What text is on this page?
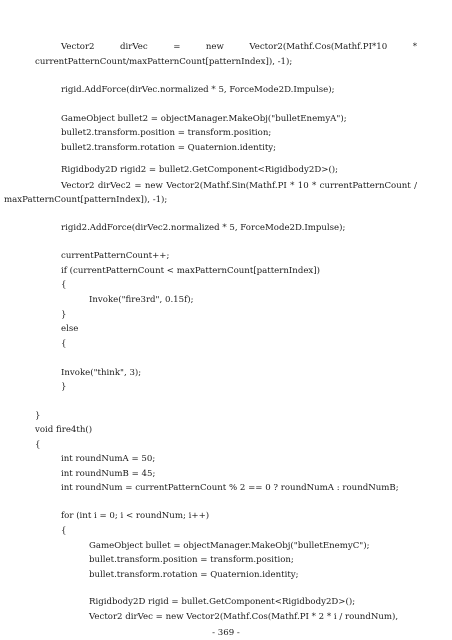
Vector2 dirVec = new Vector2(Mathf.Cos(Mathf.PI*10 *
currentPatternCount/maxPatternCount[patternIndex]), -1);
rigid.AddForce(dirVec.normalized * 5, ForceMode2D.Impulse);
GameObject bullet2 = objectManager.MakeObj("bulletEnemyA");
bullet2.transform.position = transform.position;
bullet2.transform.rotation = Quaternion.identity;
Rigidbody2D rigid2 = bullet2.GetComponent<Rigidbody2D>();
Vector2 dirVec2 = new Vector2(Mathf.Sin(Mathf.PI * 10 * currentPatternCount /
maxPatternCount[patternIndex]), -1);
rigid2.AddForce(dirVec2.normalized * 5, ForceMode2D.Impulse);
currentPatternCount++;
if (currentPatternCount < maxPatternCount[patternIndex])
{
Invoke("fire3rd", 0.15f);
}
else
{
Invoke("think", 3);
}
}
void fire4th()
{
int roundNumA = 50;
int roundNumB = 45;
int roundNum = currentPatternCount % 2 == 0 ? roundNumA : roundNumB;
for (int i = 0; i < roundNum; i++)
{
GameObject bullet = objectManager.MakeObj("bulletEnemyC");
bullet.transform.position = transform.position;
bullet.transform.rotation = Quaternion.identity;
Rigidbody2D rigid = bullet.GetComponent<Rigidbody2D>();
Vector2 dirVec = new Vector2(Mathf.Cos(Mathf.PI * 2 * i / roundNum),
- 369 -
